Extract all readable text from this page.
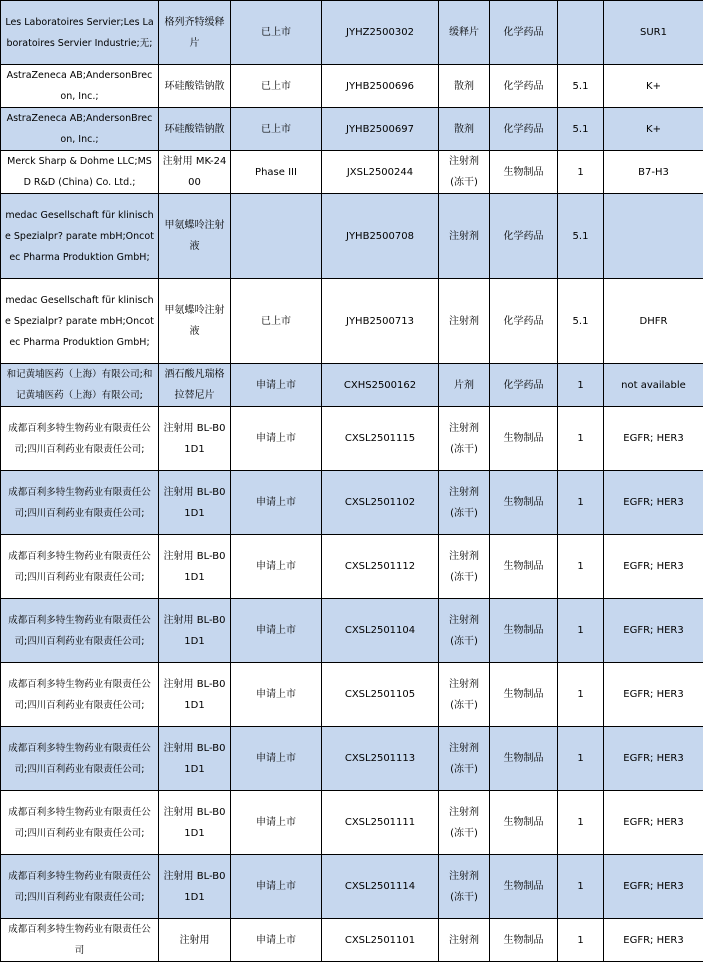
Les Laboratoires Servier;Les Laboratoires Servier Industrie;无;	格列齐特缓释片	已上市	JYHZ2500302	缓释片	化学药品		SUR1
AstraZeneca AB;AndersonBrecon, Inc.;	环硅酸锆钠散	已上市	JYHB2500696	散剂	化学药品	5.1	K+
AstraZeneca AB;AndersonBrecon, Inc.;	环硅酸锆钠散	已上市	JYHB2500697	散剂	化学药品	5.1	K+
Merck Sharp & Dohme LLC;MSD R&D (China) Co. Ltd.;	注射用 MK-2400	Phase III	JXSL2500244	注射剂 (冻干)	生物制品	1	B7-H3
medac Gesellschaft für klinische Spezialpr? parate mbH;Oncotec Pharma Produktion GmbH;	甲氨蝶呤注射液		JYHB2500708	注射剂	化学药品	5.1	
medac Gesellschaft für klinische Spezialpr? parate mbH;Oncotec Pharma Produktion GmbH;	甲氨蝶呤注射液	已上市	JYHB2500713	注射剂	化学药品	5.1	DHFR
和记黄埔医药（上海）有限公司;和记黄埔医药（上海）有限公司;	酒石酸凡瑞格拉替尼片	申请上市	CXHS2500162	片剂	化学药品	1	not available
成都百利多特生物药业有限责任公司;四川百利药业有限责任公司;	注射用 BL-B01D1	申请上市	CXSL2501115	注射剂 (冻干)	生物制品	1	EGFR; HER3
成都百利多特生物药业有限责任公司;四川百利药业有限责任公司;	注射用 BL-B01D1	申请上市	CXSL2501102	注射剂 (冻干)	生物制品	1	EGFR; HER3
成都百利多特生物药业有限责任公司;四川百利药业有限责任公司;	注射用 BL-B01D1	申请上市	CXSL2501112	注射剂 (冻干)	生物制品	1	EGFR; HER3
成都百利多特生物药业有限责任公司;四川百利药业有限责任公司;	注射用 BL-B01D1	申请上市	CXSL2501104	注射剂 (冻干)	生物制品	1	EGFR; HER3
成都百利多特生物药业有限责任公司;四川百利药业有限责任公司;	注射用 BL-B01D1	申请上市	CXSL2501105	注射剂 (冻干)	生物制品	1	EGFR; HER3
成都百利多特生物药业有限责任公司;四川百利药业有限责任公司;	注射用 BL-B01D1	申请上市	CXSL2501113	注射剂 (冻干)	生物制品	1	EGFR; HER3
成都百利多特生物药业有限责任公司;四川百利药业有限责任公司;	注射用 BL-B01D1	申请上市	CXSL2501111	注射剂 (冻干)	生物制品	1	EGFR; HER3
成都百利多特生物药业有限责任公司;四川百利药业有限责任公司;	注射用 BL-B01D1	申请上市	CXSL2501114	注射剂 (冻干)	生物制品	1	EGFR; HER3
成都百利多特生物药业有限责任公司	注射用	申请上市	CXSL2501101	注射剂	生物制品	1	EGFR; HER3
